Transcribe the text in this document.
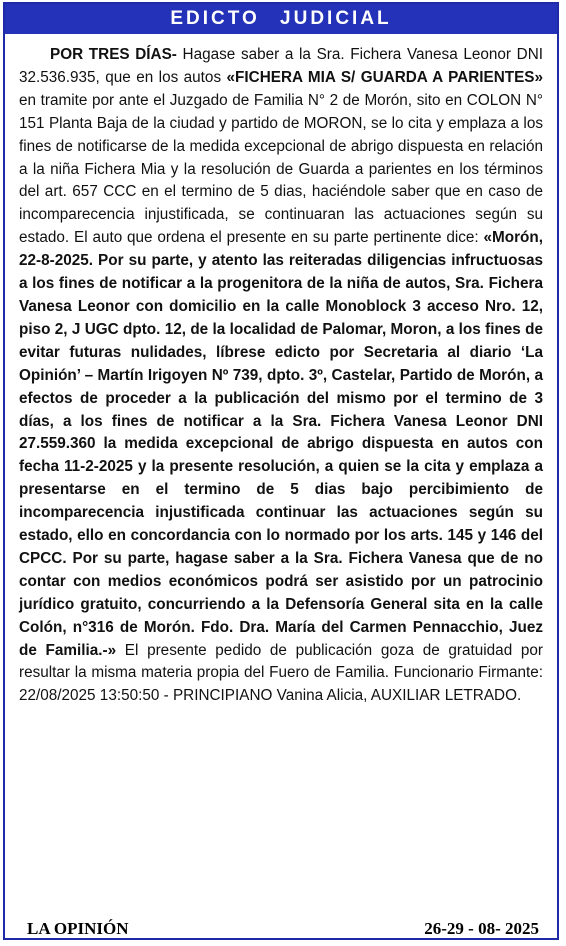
EDICTO JUDICIAL

POR TRES DÍAS- Hagase saber a la Sra. Fichera Vanesa Leonor DNI 32.536.935, que en los autos «FICHERA MIA S/ GUARDA A PARIENTES» en tramite por ante el Juzgado de Familia N° 2 de Morón, sito en COLON N° 151 Planta Baja de la ciudad y partido de MORON, se lo cita y emplaza a los fines de notificarse de la medida excepcional de abrigo dispuesta en relación a la niña Fichera Mia y la resolución de Guarda a parientes en los términos del art. 657 CCC en el termino de 5 dias, haciéndole saber que en caso de incomparecencia injustificada, se continuaran las actuaciones según su estado. El auto que ordena el presente en su parte pertinente dice: «Morón, 22-8-2025. Por su parte, y atento las reiteradas diligencias infructuosas a los fines de notificar a la progenitora de la niña de autos, Sra. Fichera Vanesa Leonor con domicilio en la calle Monoblock 3 acceso Nro. 12, piso 2, J UGC dpto. 12, de la localidad de Palomar, Moron, a los fines de evitar futuras nulidades, líbrese edicto por Secretaria al diario ‘La Opinión’ – Martín Irigoyen Nº 739, dpto. 3º, Castelar, Partido de Morón, a efectos de proceder a la publicación del mismo por el termino de 3 días, a los fines de notificar a la Sra. Fichera Vanesa Leonor DNI 27.559.360 la medida excepcional de abrigo dispuesta en autos con fecha 11-2-2025 y la presente resolución, a quien se la cita y emplaza a presentarse en el termino de 5 dias bajo percibimiento de incomparecencia injustificada continuar las actuaciones según su estado, ello en concordancia con lo normado por los arts. 145 y 146 del CPCC. Por su parte, hagase saber a la Sra. Fichera Vanesa que de no contar con medios económicos podrá ser asistido por un patrocinio jurídico gratuito, concurriendo a la Defensoría General sita en la calle Colón, n°316 de Morón. Fdo. Dra. María del Carmen Pennacchio, Juez de Familia.-» El presente pedido de publicación goza de gratuidad por resultar la misma materia propia del Fuero de Familia. Funcionario Firmante: 22/08/2025 13:50:50 - PRINCIPIANO Vanina Alicia, AUXILIAR LETRADO.

LA OPINIÓN	26-29 - 08- 2025
